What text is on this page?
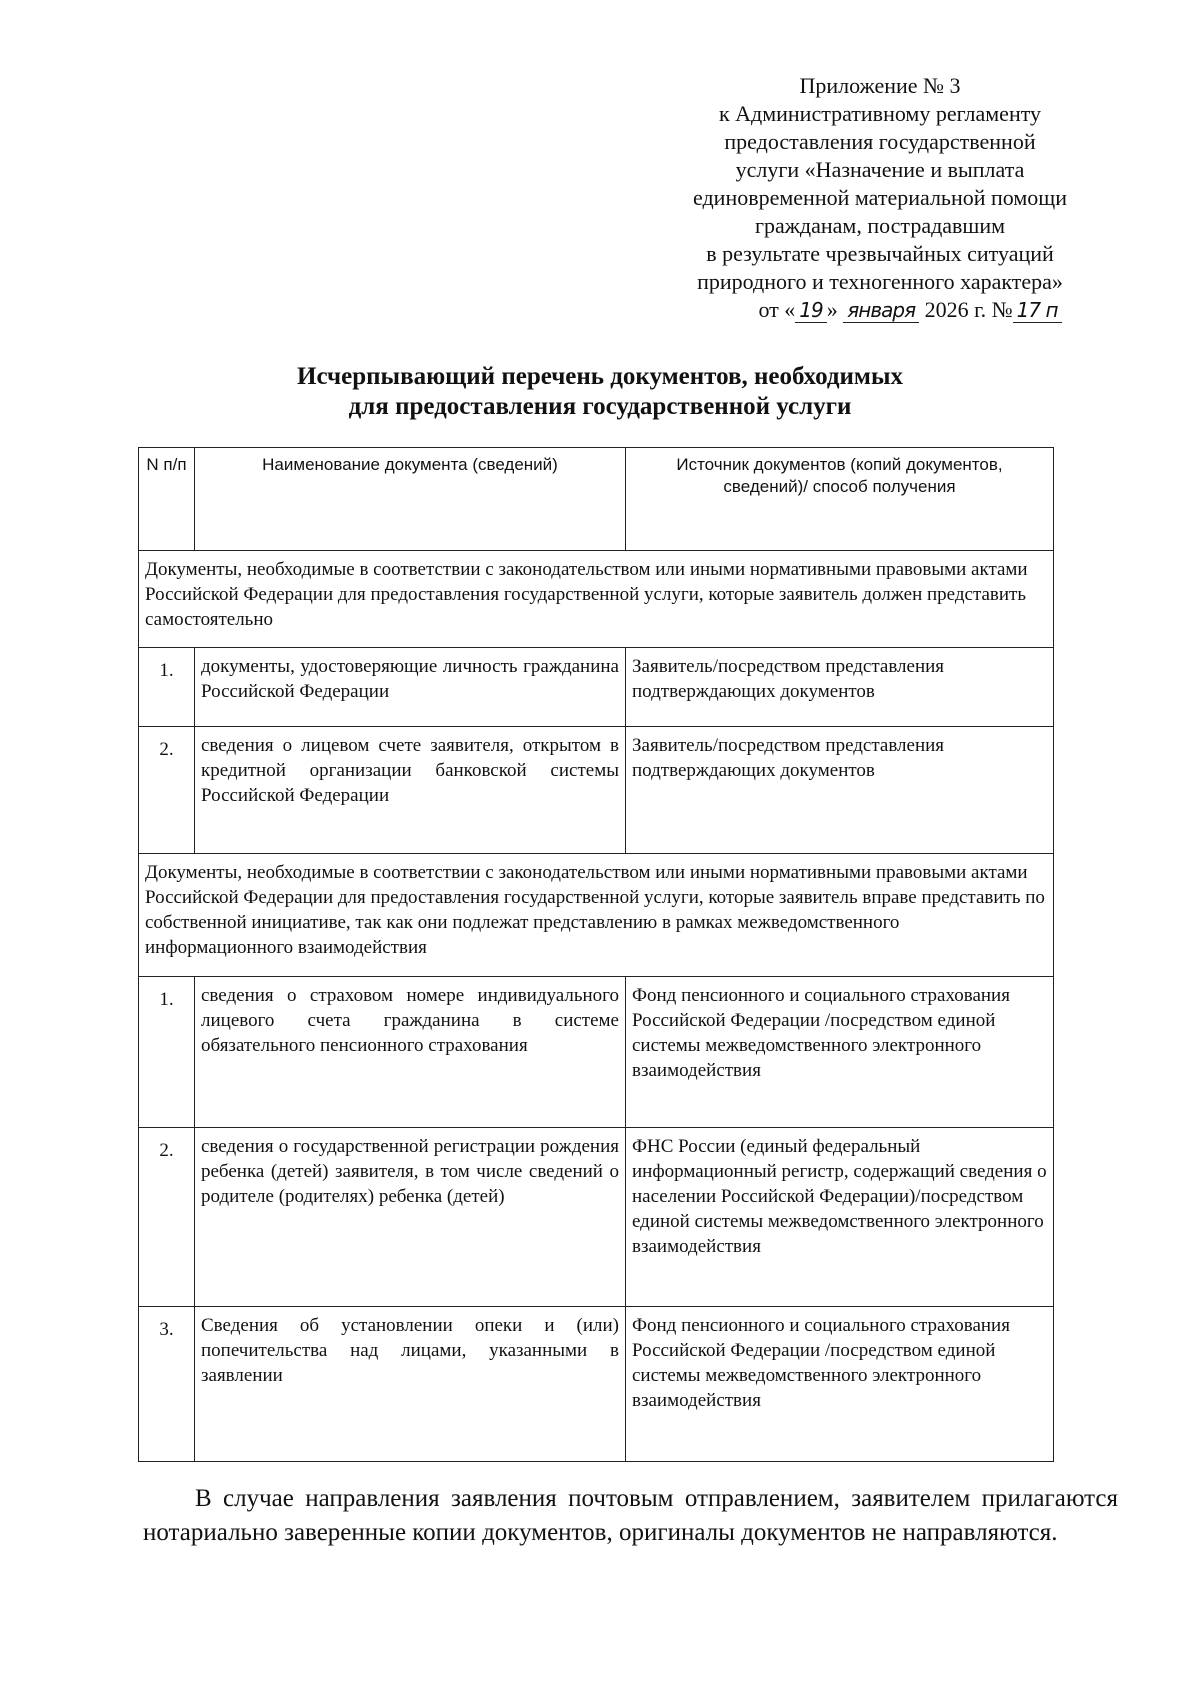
Приложение № 3
к Административному регламенту
предоставления государственной
услуги «Назначение и выплата
единовременной материальной помощи
гражданам, пострадавшим
в результате чрезвычайных ситуаций
природного и техногенного характера»
от « 19 » января 2026 г. № 17 п
Исчерпывающий перечень документов, необходимых
для предоставления государственной услуги
N п/п	Наименование документа (сведений)	Источник документов (копий документов, сведений)/ способ получения
Документы, необходимые в соответствии с законодательством или иными нормативными правовыми актами Российской Федерации для предоставления государственной услуги, которые заявитель должен представить самостоятельно		
1.	документы, удостоверяющие личность гражданина Российской Федерации	Заявитель/посредством представления подтверждающих документов
2.	сведения о лицевом счете заявителя, открытом в кредитной организации банковской системы Российской Федерации	Заявитель/посредством представления подтверждающих документов
Документы, необходимые в соответствии с законодательством или иными нормативными правовыми актами Российской Федерации для предоставления государственной услуги, которые заявитель вправе представить по собственной инициативе, так как они подлежат представлению в рамках межведомственного информационного взаимодействия		
1.	сведения о страховом номере индивидуального лицевого счета гражданина в системе обязательного пенсионного страхования	Фонд пенсионного и социального страхования Российской Федерации /посредством единой системы межведомственного электронного взаимодействия
2.	сведения о государственной регистрации рождения ребенка (детей) заявителя, в том числе сведений о родителе (родителях) ребенка (детей)	ФНС России (единый федеральный информационный регистр, содержащий сведения о населении Российской Федерации)/посредством единой системы межведомственного электронного взаимодействия
3.	Сведения об установлении опеки и (или) попечительства над лицами, указанными в заявлении	Фонд пенсионного и социального страхования Российской Федерации /посредством единой системы межведомственного электронного взаимодействия
В случае направления заявления почтовым отправлением, заявителем прилагаются нотариально заверенные копии документов, оригиналы документов не направляются.
